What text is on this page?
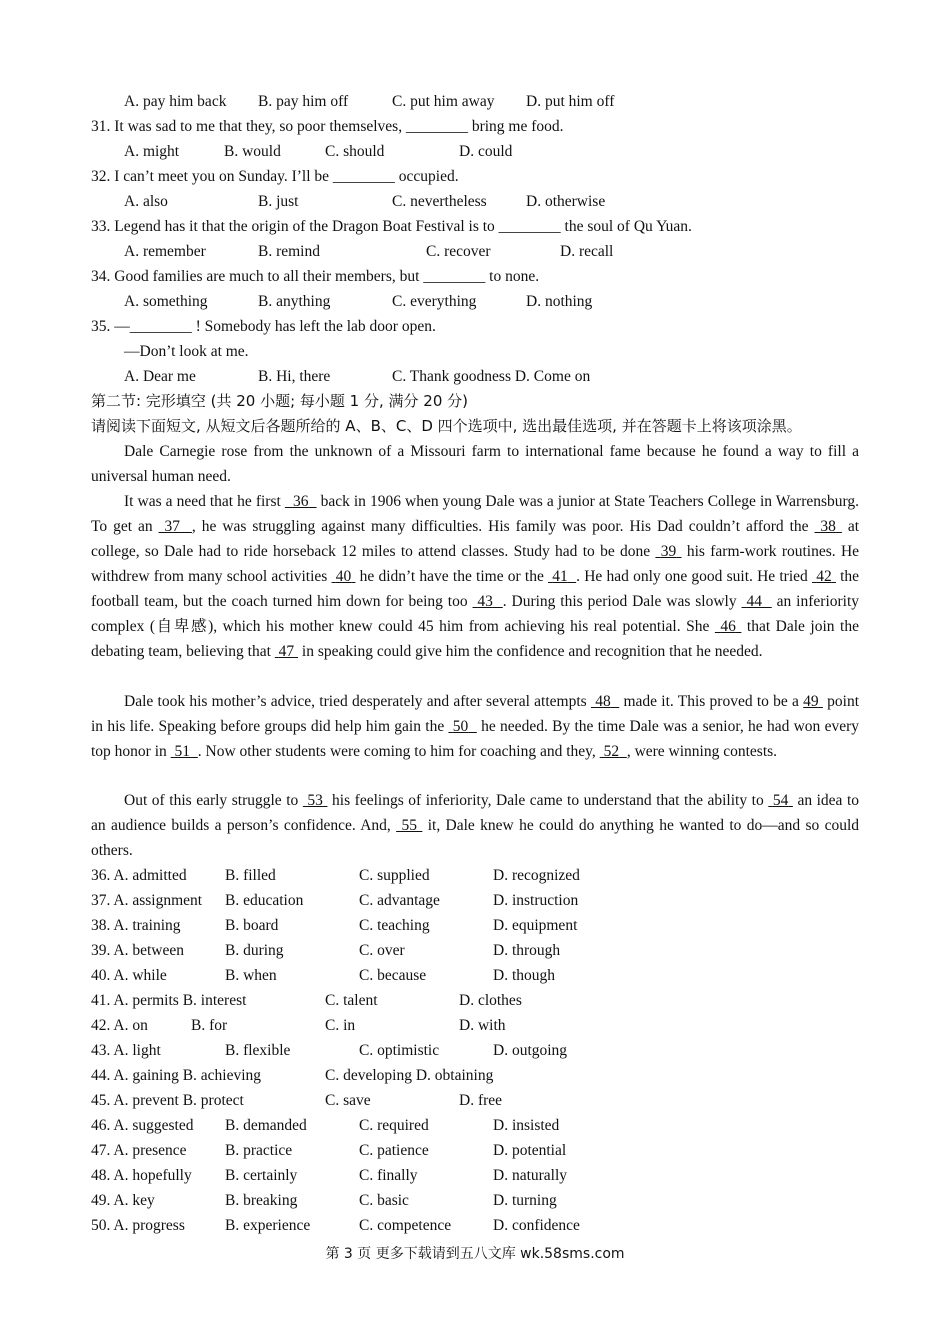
A. pay him back B. pay him off	C. put him away D. put him off
31. It was sad to me that they, so poor themselves, ________ bring me food.
A. might	B. would	C. should	D. could
32. I can’t meet you on Sunday. I’ll be ________ occupied.
A. also	B. just	C. nevertheless	D. otherwise
33. Legend has it that the origin of the Dragon Boat Festival is to ________ the soul of Qu Yuan.
A. remember	B. remind	C. recover	D. recall
34. Good families are much to all their members, but ________ to none.
A. something	B. anything	C. everything	D. nothing
35. —________ ! Somebody has left the lab door open.
—Don’t look at me.
A. Dear me	B. Hi, there	C. Thank goodness D. Come on
第二节: 完形填空 (共 20 小题; 每小题 1 分, 满分 20 分)
请阅读下面短文, 从短文后各题所给的 A、B、C、D 四个选项中, 选出最佳选项, 并在答题卡上将该项涂黑。
Dale Carnegie rose from the unknown of a Missouri farm to international fame because he found a way to fill a universal human need.
It was a need that he first   36   back in 1906 when young Dale was a junior at State Teachers College in Warrensburg. To get an  37 , he was struggling against many difficulties. His family was poor. His Dad couldn’t afford the  38  at college, so Dale had to ride horseback 12 miles to attend classes. Study had to be done  39  his farm-work routines. He withdrew from many school activities  40  he didn’t have the time or the  41 . He had only one good suit. He tried  42  the football team, but the coach turned him down for being too  43 . During this period Dale was slowly  44   an inferiority complex (自卑感), which his mother knew could 45 him from achieving his real potential. She  46  that Dale join the debating team, believing that  47  in speaking could give him the confidence and recognition that he needed.
Dale took his mother’s advice, tried desperately and after several attempts  48   made it. This proved to be a 49  point in his life. Speaking before groups did help him gain the  50   he needed. By the time Dale was a senior, he had won every top honor in  51 . Now other students were coming to him for coaching and they,  52 , were winning contests.
Out of this early struggle to  53  his feelings of inferiority, Dale came to understand that the ability to  54  an idea to an audience builds a person’s confidence. And,  55  it, Dale knew he could do anything he wanted to do—and so could others.
36. A. admitted B. filled	C. supplied	D. recognized
37. A. assignment B. education	C. advantage	D. instruction
38. A. training	B. board	C. teaching	D. equipment
39. A. between	B. during	C. over	D. through
40. A. while	B. when	C. because	D. though
41. A. permits B. interest	C. talent	D. clothes
42. A. on	B. for	C. in	D. with
43. A. light	B. flexible	C. optimistic	D. outgoing
44. A. gaining B. achieving	C. developing D. obtaining
45. A. prevent B. protect	C. save	D. free
46. A. suggested B. demanded	C. required	D. insisted
47. A. presence B. practice	C. patience	D. potential
48. A. hopefully B. certainly	C. finally	D. naturally
49. A. key	B. breaking	C. basic	D. turning
50. A. progress	B. experience	C. competence	D. confidence
第 3 页 更多下载请到五八文库 wk.58sms.com
